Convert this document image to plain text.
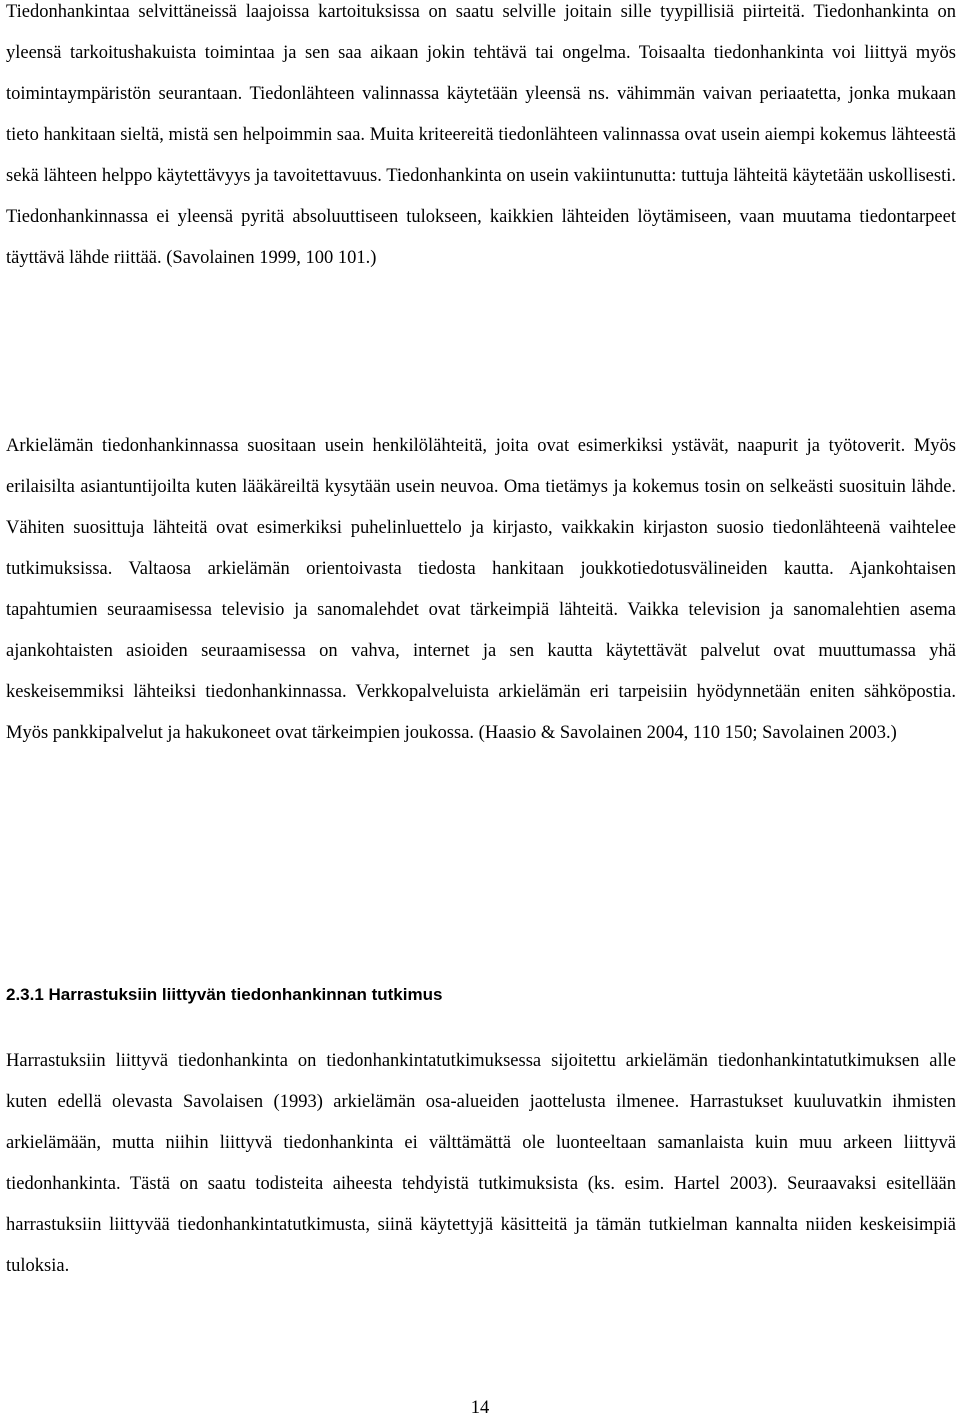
Tiedonhankintaa selvittäneissä laajoissa kartoituksissa on saatu selville joitain sille tyypillisiä piirteitä. Tiedonhankinta on yleensä tarkoitushakuista toimintaa ja sen saa aikaan jokin tehtävä tai ongelma. Toisaalta tiedonhankinta voi liittyä myös toimintaympäristön seurantaan. Tiedonlähteen valinnassa käytetään yleensä ns. vähimmän vaivan periaatetta, jonka mukaan tieto hankitaan sieltä, mistä sen helpoimmin saa. Muita kriteereitä tiedonlähteen valinnassa ovat usein aiempi kokemus lähteestä sekä lähteen helppo käytettävyys ja tavoitettavuus. Tiedonhankinta on usein vakiintunutta: tuttuja lähteitä käytetään uskollisesti. Tiedonhankinnassa ei yleensä pyritä absoluuttiseen tulokseen, kaikkien lähteiden löytämiseen, vaan muutama tiedontarpeet täyttävä lähde riittää. (Savolainen 1999, 100 101.)

Arkielämän tiedonhankinnassa suositaan usein henkilölähteitä, joita ovat esimerkiksi ystävät, naapurit ja työtoverit. Myös erilaisilta asiantuntijoilta kuten lääkäreiltä kysytään usein neuvoa. Oma tietämys ja kokemus tosin on selkeästi suosituin lähde. Vähiten suosittuja lähteitä ovat esimerkiksi puhelinluettelo ja kirjasto, vaikkakin kirjaston suosio tiedonlähteenä vaihtelee tutkimuksissa. Valtaosa arkielämän orientoivasta tiedosta hankitaan joukkotiedotusvälineiden kautta. Ajankohtaisen tapahtumien seuraamisessa televisio ja sanomalehdet ovat tärkeimpiä lähteitä. Vaikka television ja sanomalehtien asema ajankohtaisten asioiden seuraamisessa on vahva, internet ja sen kautta käytettävät palvelut ovat muuttumassa yhä keskeisemmiksi lähteiksi tiedonhankinnassa. Verkkopalveluista arkielämän eri tarpeisiin hyödynnetään eniten sähköpostia. Myös pankkipalvelut ja hakukoneet ovat tärkeimpien joukossa. (Haasio & Savolainen 2004, 110 150; Savolainen 2003.)

2.3.1 Harrastuksiin liittyvän tiedonhankinnan tutkimus

Harrastuksiin liittyvä tiedonhankinta on tiedonhankintatutkimuksessa sijoitettu arkielämän tiedonhankintatutkimuksen alle kuten edellä olevasta Savolaisen (1993) arkielämän osa-alueiden jaottelusta ilmenee. Harrastukset kuuluvatkin ihmisten arkielämään, mutta niihin liittyvä tiedonhankinta ei välttämättä ole luonteeltaan samanlaista kuin muu arkeen liittyvä tiedonhankinta. Tästä on saatu todisteita aiheesta tehdyistä tutkimuksista (ks. esim. Hartel 2003). Seuraavaksi esitellään harrastuksiin liittyvää tiedonhankintatutkimusta, siinä käytettyjä käsitteitä ja tämän tutkielman kannalta niiden keskeisimpiä tuloksia.

14
